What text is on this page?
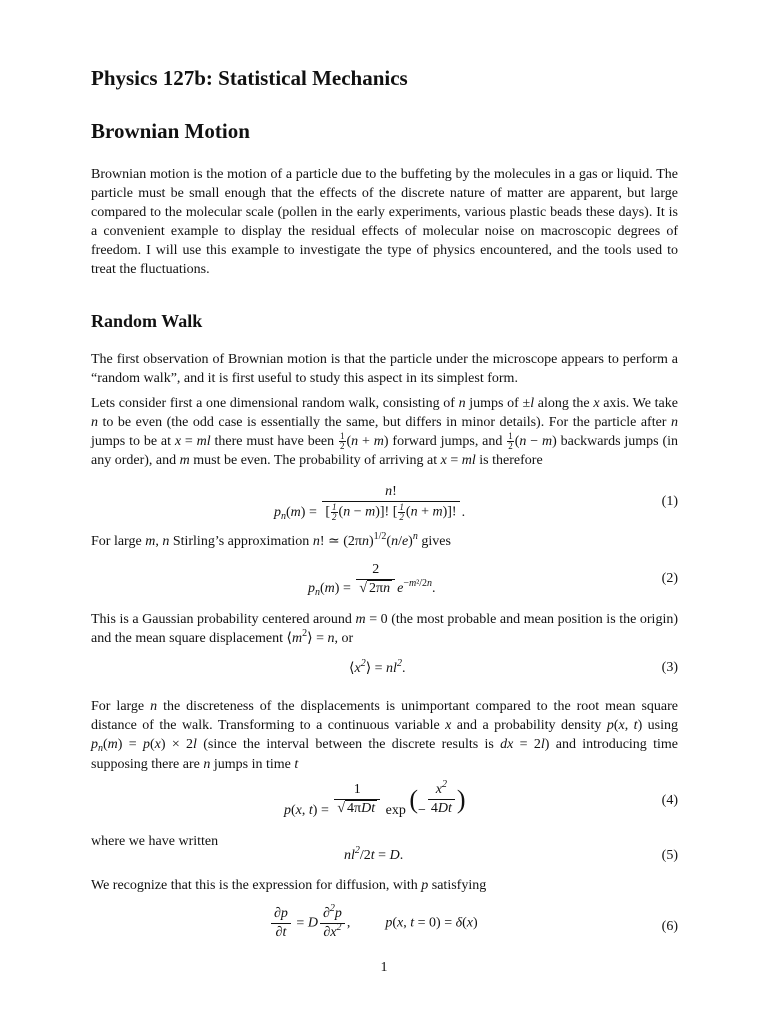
Physics 127b: Statistical Mechanics
Brownian Motion

Brownian motion is the motion of a particle due to the buffeting by the molecules in a gas or liquid. The particle must be small enough that the effects of the discrete nature of matter are apparent, but large compared to the molecular scale (pollen in the early experiments, various plastic beads these days). It is a convenient example to display the residual effects of molecular noise on macroscopic degrees of freedom. I will use this example to investigate the type of physics encountered, and the tools used to treat the fluctuations.

Random Walk

The first observation of Brownian motion is that the particle under the microscope appears to perform a “random walk”, and it is first useful to study this aspect in its simplest form.

Lets consider first a one dimensional random walk, consisting of n jumps of ±l along the x axis. We take n to be even (the odd case is essentially the same, but differs in minor details). For the particle after n jumps to be at x = ml there must have been $\frac{1}{2} (n + m)$ forward jumps, and $\frac{1}{2} (n - m)$ backwards jumps (in any order), and m must be even. The probability of arriving at x = ml is therefore

$p_n(m) = \frac{n!}{[ \frac{1}{2} (n - m)]! [ \frac{1}{2} (n + m)]!}$ .
(1)

For large m, n Stirling’s approximation n! ≃ $(2\pi n)^{1/2}(n/e)^n$ gives

$p_n(m) = \frac{2}{√ 2\pi n} e^{-m^2/2n}$.
(2)

This is a Gaussian probability centered around m = 0 (the most probable and mean position is the origin) and the mean square displacement $⟨m^2⟩ = n$, or

$⟨x^2⟩ = nl^2$.	(3)

For large n the discreteness of the displacements is unimportant compared to the root mean square distance of the walk. Transforming to a continuous variable x and a probability density p(x, t) using $p_n(m) = p(x) \times 2l$ (since the interval between the discrete results is dx = 2l) and introducing time supposing there are n jumps in time t

p(x, $t) = \frac{1}{\text{√ 4πDt}}$ exp (− $\frac{x^2}{4Dt}$ )	(4)

where we have written

$nl^2/2t = D$.	(5)

We recognize that this is the expression for diffusion, with p satisfying

$\frac{\partial p}{\partial t} = D \frac{\partial^2p}{\partial x^2}$ ,  p(x, t = 0) = δ(x)	(6)
1
